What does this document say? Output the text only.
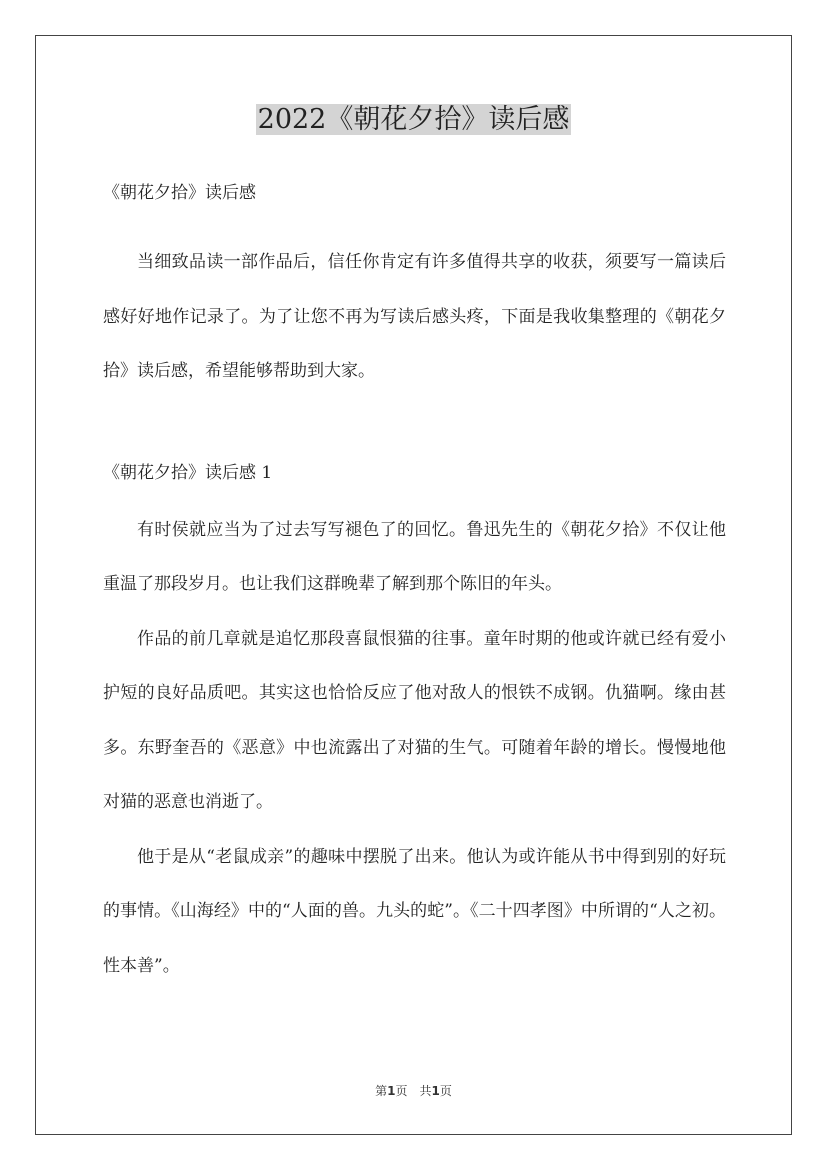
2022《朝花夕拾》读后感

《朝花夕拾》读后感

当细致品读一部作品后，信任你肯定有许多值得共享的收获，须要写一篇读后感好好地作记录了。为了让您不再为写读后感头疼，下面是我收集整理的《朝花夕拾》读后感，希望能够帮助到大家。

《朝花夕拾》读后感 1

有时侯就应当为了过去写写褪色了的回忆。鲁迅先生的《朝花夕拾》不仅让他重温了那段岁月。也让我们这群晚辈了解到那个陈旧的年头。

作品的前几章就是追忆那段喜鼠恨猫的往事。童年时期的他或许就已经有爱小护短的良好品质吧。其实这也恰恰反应了他对敌人的恨铁不成钢。仇猫啊。缘由甚多。东野奎吾的《恶意》中也流露出了对猫的生气。可随着年龄的增长。慢慢地他对猫的恶意也消逝了。

他于是从“老鼠成亲”的趣味中摆脱了出来。他认为或许能从书中得到别的好玩的事情。《山海经》中的“人面的兽。九头的蛇”。《二十四孝图》中所谓的“人之初。性本善”。

第1页　共1页
